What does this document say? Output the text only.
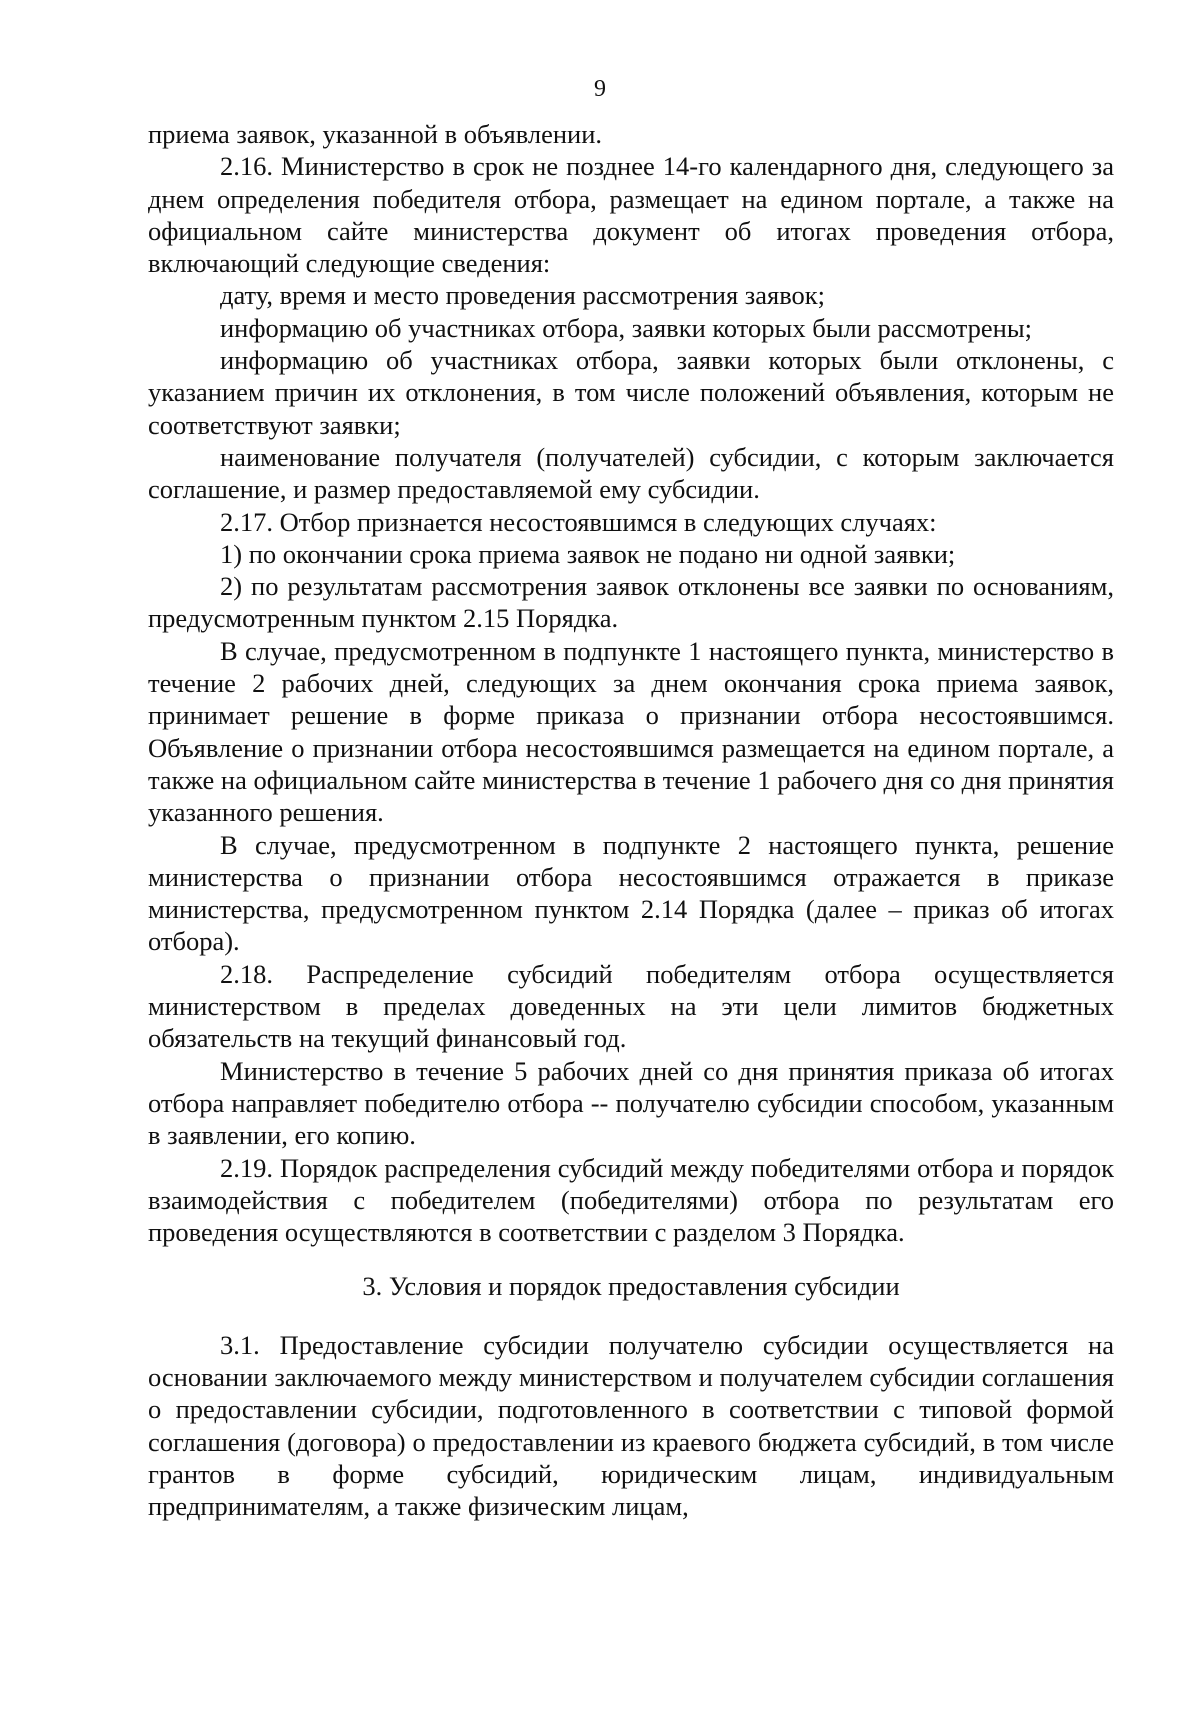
9

приема заявок, указанной в объявлении.

2.16. Министерство в срок не позднее 14-го календарного дня, следующего за днем определения победителя отбора, размещает на едином портале, а также на официальном сайте министерства документ об итогах проведения отбора, включающий следующие сведения:

дату, время и место проведения рассмотрения заявок;

информацию об участниках отбора, заявки которых были рассмотрены;

информацию об участниках отбора, заявки которых были отклонены, с указанием причин их отклонения, в том числе положений объявления, которым не соответствуют заявки;

наименование получателя (получателей) субсидии, с которым заключается соглашение, и размер предоставляемой ему субсидии.

2.17. Отбор признается несостоявшимся в следующих случаях:

1) по окончании срока приема заявок не подано ни одной заявки;

2) по результатам рассмотрения заявок отклонены все заявки по основаниям, предусмотренным пунктом 2.15 Порядка.

В случае, предусмотренном в подпункте 1 настоящего пункта, министерство в течение 2 рабочих дней, следующих за днем окончания срока приема заявок, принимает решение в форме приказа о признании отбора несостоявшимся. Объявление о признании отбора несостоявшимся размещается на едином портале, а также на официальном сайте министерства в течение 1 рабочего дня со дня принятия указанного решения.

В случае, предусмотренном в подпункте 2 настоящего пункта, решение министерства о признании отбора несостоявшимся отражается в приказе министерства, предусмотренном пунктом 2.14 Порядка (далее – приказ об итогах отбора).

2.18. Распределение субсидий победителям отбора осуществляется министерством в пределах доведенных на эти цели лимитов бюджетных обязательств на текущий финансовый год.

Министерство в течение 5 рабочих дней со дня принятия приказа об итогах отбора направляет победителю отбора -- получателю субсидии способом, указанным в заявлении, его копию.

2.19. Порядок распределения субсидий между победителями отбора и порядок взаимодействия с победителем (победителями) отбора по результатам его проведения осуществляются в соответствии с разделом 3 Порядка.

3. Условия и порядок предоставления субсидии

3.1. Предоставление субсидии получателю субсидии осуществляется на основании заключаемого между министерством и получателем субсидии соглашения о предоставлении субсидии, подготовленного в соответствии с типовой формой соглашения (договора) о предоставлении из краевого бюджета субсидий, в том числе грантов в форме субсидий, юридическим лицам, индивидуальным предпринимателям, а также физическим лицам,
